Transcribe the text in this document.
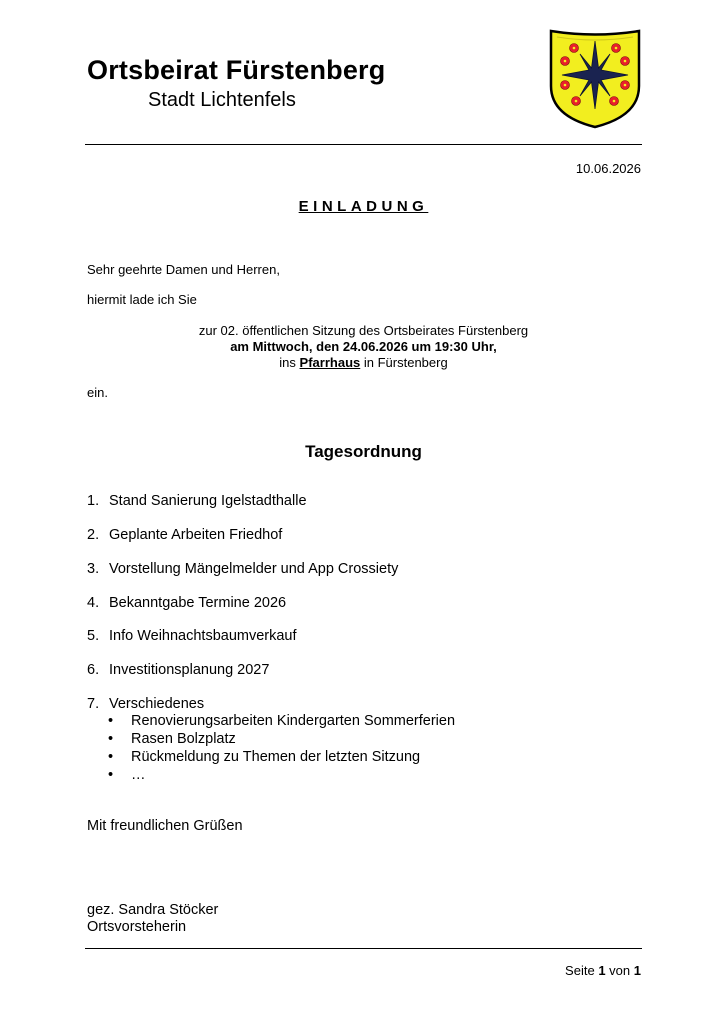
Ortsbeirat Fürstenberg
Stadt Lichtenfels
10.06.2026
EINLADUNG
Sehr geehrte Damen und Herren,
hiermit lade ich Sie
zur 02. öffentlichen Sitzung des Ortsbeirates Fürstenberg
am Mittwoch, den 24.06.2026 um 19:30 Uhr,
ins Pfarrhaus in Fürstenberg
ein.
Tagesordnung
1. Stand Sanierung Igelstadthalle
2. Geplante Arbeiten Friedhof
3. Vorstellung Mängelmelder und App Crossiety
4. Bekanntgabe Termine 2026
5. Info Weihnachtsbaumverkauf
6. Investitionsplanung 2027
7. Verschiedenes
• Renovierungsarbeiten Kindergarten Sommerferien
• Rasen Bolzplatz
• Rückmeldung zu Themen der letzten Sitzung
• …
Mit freundlichen Grüßen
gez. Sandra Stöcker
Ortsvorsteherin
Seite 1 von 1
